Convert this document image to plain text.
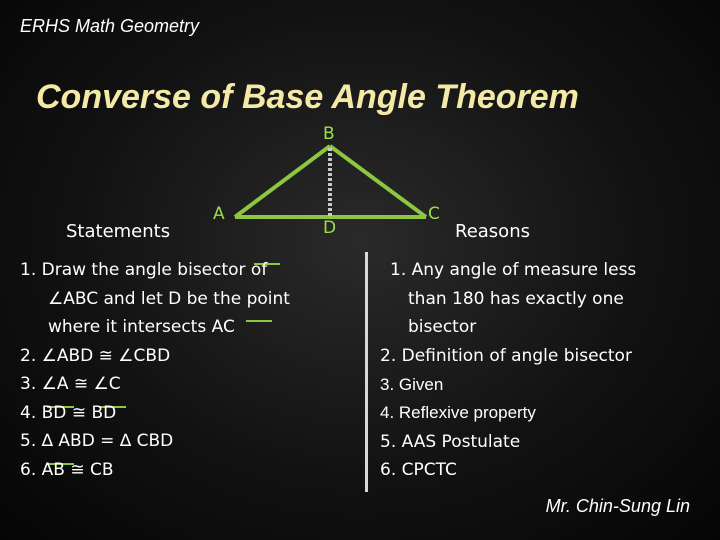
ERHS Math Geometry
Converse of Base Angle Theorem
B
A	C
D
Statements	Reasons
1. Draw the angle bisector of
∠ABC and let D be the point
where it intersects AC
2. ∠ABD ≅ ∠CBD
3. ∠A ≅ ∠C
4. BD ≅ BD
5. ∆ ABD = ∆ CBD
6. AB ≅ CB
1. Any angle of measure less
than 180 has exactly one
bisector
2. Definition of angle bisector
3. Given
4. Reflexive property
5. AAS Postulate
6. CPCTC
Mr. Chin-Sung Lin
